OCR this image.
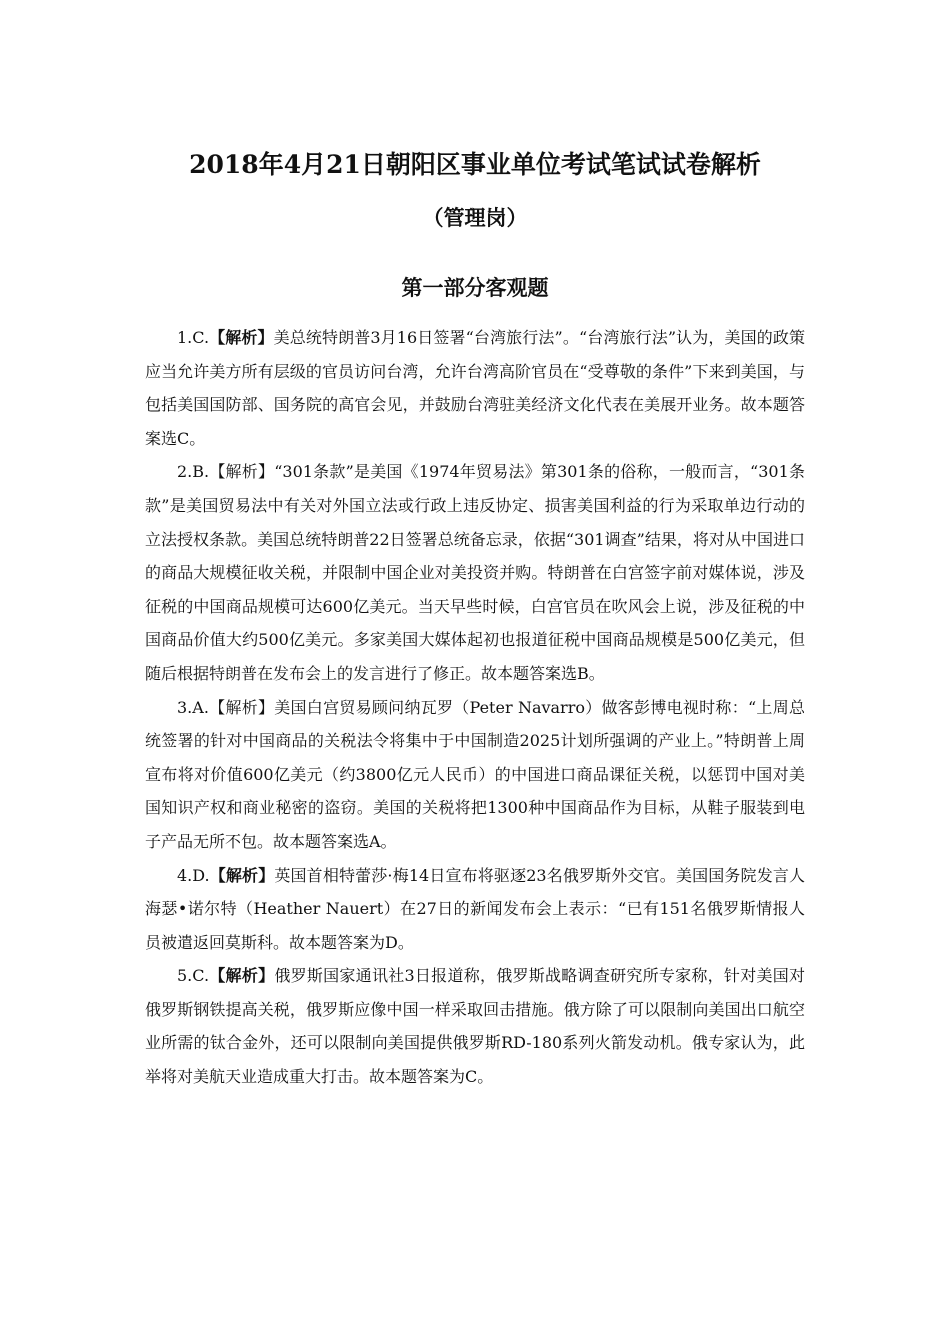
2018年4月21日朝阳区事业单位考试笔试试卷解析
（管理岗）
第一部分客观题

1.C.【解析】美总统特朗普3月16日签署“台湾旅行法”。“台湾旅行法”认为，美国的政策应当允许美方所有层级的官员访问台湾，允许台湾高阶官员在“受尊敬的条件”下来到美国，与包括美国国防部、国务院的高官会见，并鼓励台湾驻美经济文化代表在美展开业务。故本题答案选C。

2.B.【解析】“301条款”是美国《1974年贸易法》第301条的俗称，一般而言，“301条款”是美国贸易法中有关对外国立法或行政上违反协定、损害美国利益的行为采取单边行动的立法授权条款。美国总统特朗普22日签署总统备忘录，依据“301调查”结果，将对从中国进口的商品大规模征收关税，并限制中国企业对美投资并购。特朗普在白宫签字前对媒体说，涉及征税的中国商品规模可达600亿美元。当天早些时候，白宫官员在吹风会上说，涉及征税的中国商品价值大约500亿美元。多家美国大媒体起初也报道征税中国商品规模是500亿美元，但随后根据特朗普在发布会上的发言进行了修正。故本题答案选B。

3.A.【解析】美国白宫贸易顾问纳瓦罗（Peter Navarro）做客彭博电视时称：“上周总统签署的针对中国商品的关税法令将集中于中国制造2025计划所强调的产业上。”特朗普上周宣布将对价值600亿美元（约3800亿元人民币）的中国进口商品课征关税，以惩罚中国对美国知识产权和商业秘密的盗窃。美国的关税将把1300种中国商品作为目标，从鞋子服装到电子产品无所不包。故本题答案选A。

4.D.【解析】英国首相特蕾莎·梅14日宣布将驱逐23名俄罗斯外交官。美国国务院发言人海瑟•诺尔特（Heather Nauert）在27日的新闻发布会上表示：“已有151名俄罗斯情报人员被遣返回莫斯科。故本题答案为D。

5.C.【解析】俄罗斯国家通讯社3日报道称，俄罗斯战略调查研究所专家称，针对美国对俄罗斯钢铁提高关税，俄罗斯应像中国一样采取回击措施。俄方除了可以限制向美国出口航空业所需的钛合金外，还可以限制向美国提供俄罗斯RD-180系列火箭发动机。俄专家认为，此举将对美航天业造成重大打击。故本题答案为C。
